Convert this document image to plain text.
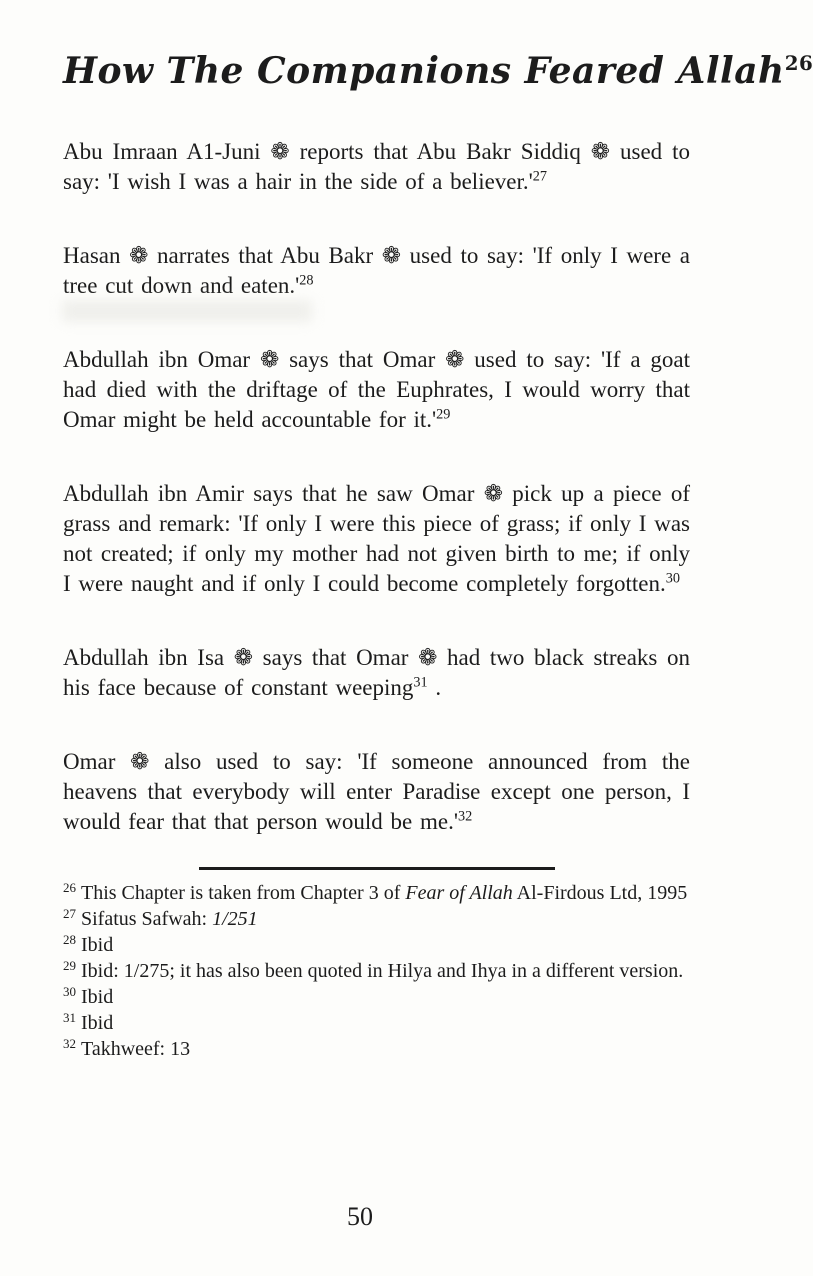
How The Companions Feared Allah$^{26}$

Abu Imraan A1-Juni ❁ reports that Abu Bakr Siddiq ❁ used to say: 'I wish I was a hair in the side of a $believer.'^{27}$

Hasan ❁ narrates that Abu Bakr ❁ used to say: 'If only I were a tree cut down and $eaten.'^{28}$

Abdullah ibn Omar ❁ says that Omar ❁ used to say: 'If a goat had died with the driftage of the Euphrates, I would worry that Omar might be held accountable for $it.'^{29}$

Abdullah ibn Amir says that he saw Omar ❁ pick up a piece of grass and remark: 'If only I were this piece of grass; if only I was not created; if only my mother had not given birth to me; if only I were naught and if only I could become completely forgotten.$^{30}$

Abdullah ibn Isa ❁ says that Omar ❁ had two black streaks on his face because of constant weeping$^{31}$ .

Omar ❁ also used to say: 'If someone announced from the heavens that everybody will enter Paradise except one person, I would fear that that person would be $me.'^{32}$

$^{26}$ This Chapter is taken from Chapter 3 of Fear of Allah Al-Firdous Ltd, 1995

$^{27}$ Sifatus Safwah: 1/251

$^{28}$ Ibid

$^{29}$ Ibid: 1/275; it has also been quoted in Hilya and Ihya in a different version.

$^{30}$ Ibid

$^{31}$ Ibid

$^{32}$ Takhweef: 13

50
